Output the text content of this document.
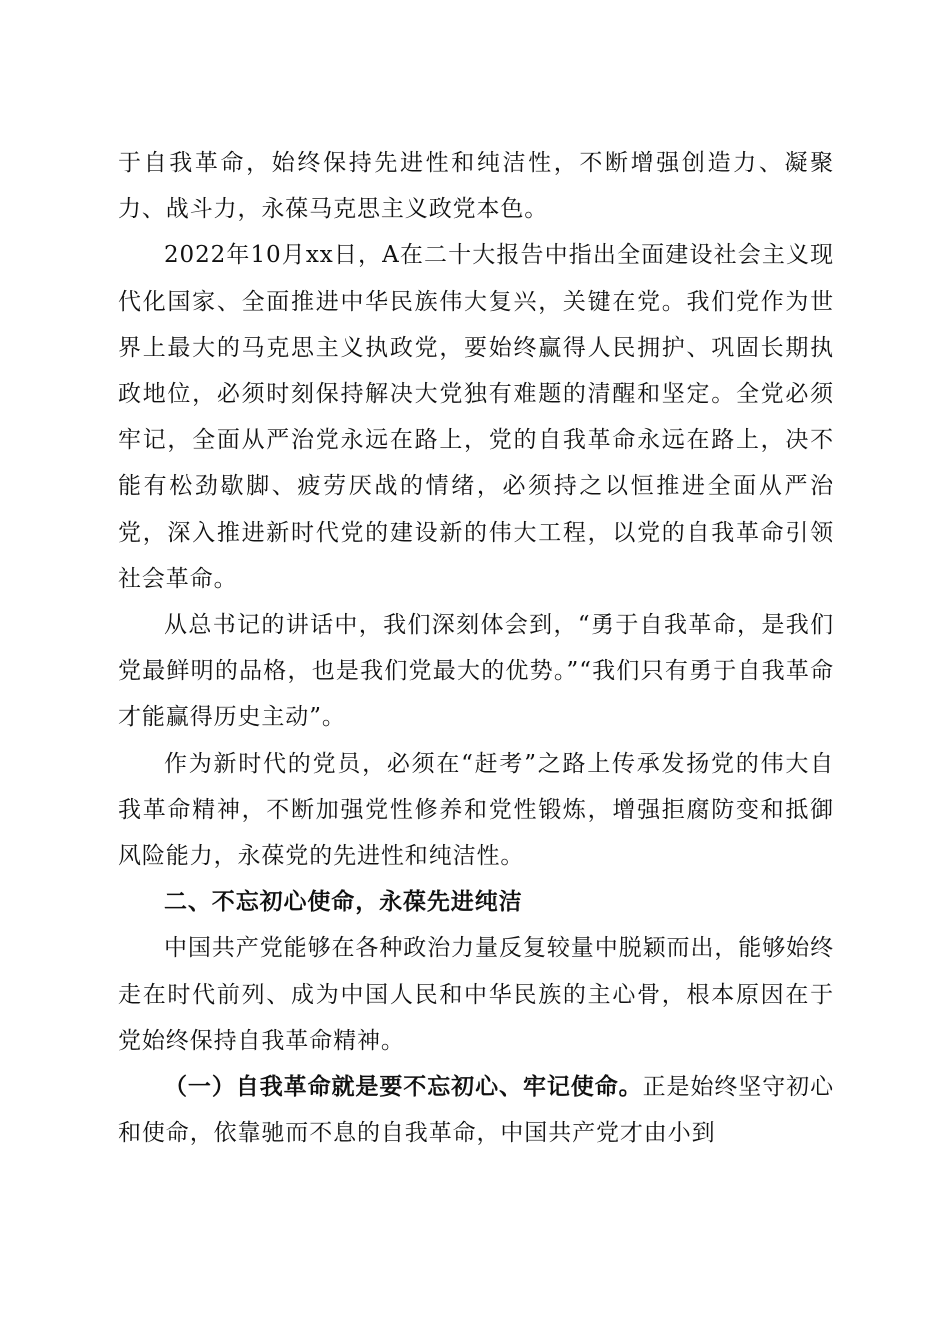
于自我革命，始终保持先进性和纯洁性，不断增强创造力、凝聚力、战斗力，永葆马克思主义政党本色。

2022年10月xx日，A在二十大报告中指出全面建设社会主义现代化国家、全面推进中华民族伟大复兴，关键在党。我们党作为世界上最大的马克思主义执政党，要始终赢得人民拥护、巩固长期执政地位，必须时刻保持解决大党独有难题的清醒和坚定。全党必须牢记，全面从严治党永远在路上，党的自我革命永远在路上，决不能有松劲歇脚、疲劳厌战的情绪，必须持之以恒推进全面从严治党，深入推进新时代党的建设新的伟大工程，以党的自我革命引领社会革命。

从总书记的讲话中，我们深刻体会到，“勇于自我革命，是我们党最鲜明的品格，也是我们党最大的优势。”“我们只有勇于自我革命才能赢得历史主动”。

作为新时代的党员，必须在“赶考”之路上传承发扬党的伟大自我革命精神，不断加强党性修养和党性锻炼，增强拒腐防变和抵御风险能力，永葆党的先进性和纯洁性。

二、不忘初心使命，永葆先进纯洁

中国共产党能够在各种政治力量反复较量中脱颖而出，能够始终走在时代前列、成为中国人民和中华民族的主心骨，根本原因在于党始终保持自我革命精神。

（一）自我革命就是要不忘初心、牢记使命。正是始终坚守初心和使命，依靠驰而不息的自我革命，中国共产党才由小到
